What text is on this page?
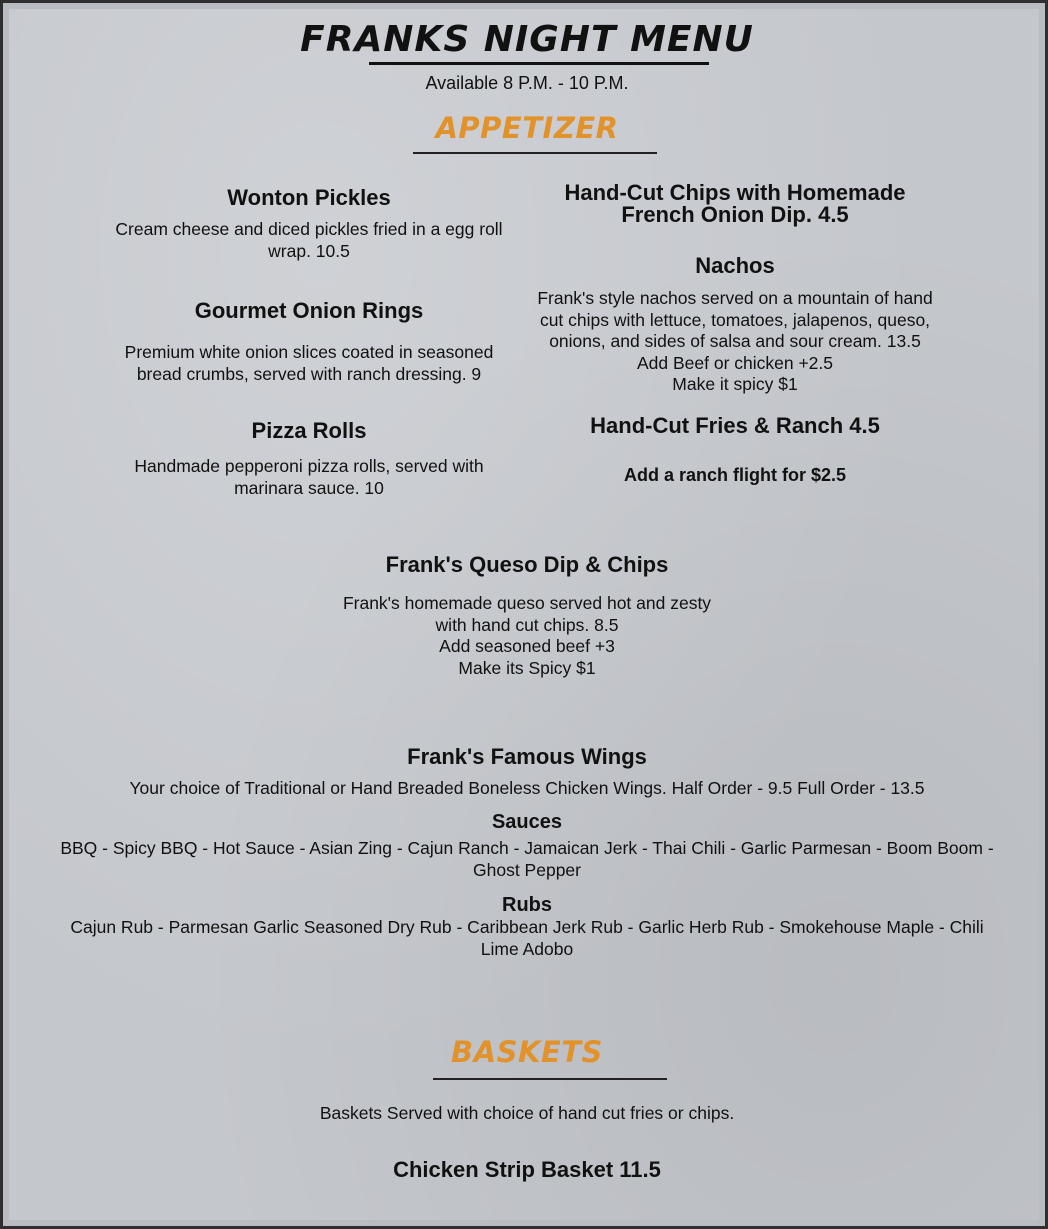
FRANKS NIGHT MENU
Available 8 P.M. - 10 P.M.
APPETIZER
Wonton Pickles
Cream cheese and diced pickles fried in a egg roll wrap. 10.5
Gourmet Onion Rings
Premium white onion slices coated in seasoned bread crumbs, served with ranch dressing. 9
Pizza Rolls
Handmade pepperoni pizza rolls, served with marinara sauce. 10
Hand-Cut Chips with Homemade
French Onion Dip. 4.5
Nachos
Frank's style nachos served on a mountain of hand
cut chips with lettuce, tomatoes, jalapenos, queso,
onions, and sides of salsa and sour cream. 13.5
Add Beef or chicken +2.5
Make it spicy $1
Hand-Cut Fries & Ranch 4.5
Add a ranch flight for $2.5
Frank's Queso Dip & Chips
Frank's homemade queso served hot and zesty
with hand cut chips. 8.5
Add seasoned beef +3
Make its Spicy $1
Frank's Famous Wings
Your choice of Traditional or Hand Breaded Boneless Chicken Wings. Half Order - 9.5 Full Order - 13.5
Sauces
BBQ - Spicy BBQ - Hot Sauce - Asian Zing - Cajun Ranch - Jamaican Jerk - Thai Chili - Garlic Parmesan - Boom Boom -
Ghost Pepper
Rubs
Cajun Rub - Parmesan Garlic Seasoned Dry Rub - Caribbean Jerk Rub - Garlic Herb Rub - Smokehouse Maple - Chili
Lime Adobo
BASKETS
Baskets Served with choice of hand cut fries or chips.
Chicken Strip Basket 11.5
